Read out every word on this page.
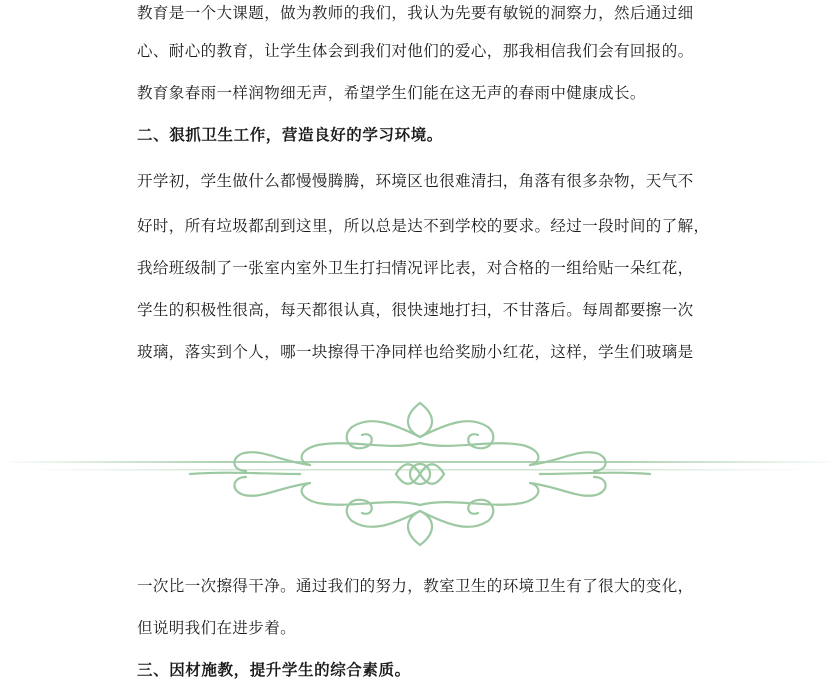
教育是一个大课题，做为教师的我们，我认为先要有敏锐的洞察力，然后通过细
心、耐心的教育，让学生体会到我们对他们的爱心，那我相信我们会有回报的。
教育象春雨一样润物细无声，希望学生们能在这无声的春雨中健康成长。
二、狠抓卫生工作，营造良好的学习环境。
开学初，学生做什么都慢慢腾腾，环境区也很难清扫，角落有很多杂物，天气不
好时，所有垃圾都刮到这里，所以总是达不到学校的要求。经过一段时间的了解，
我给班级制了一张室内室外卫生打扫情况评比表，对合格的一组给贴一朵红花，
学生的积极性很高，每天都很认真，很快速地打扫，不甘落后。每周都要擦一次
玻璃，落实到个人，哪一块擦得干净同样也给奖励小红花，这样，学生们玻璃是
一次比一次擦得干净。通过我们的努力，教室卫生的环境卫生有了很大的变化，
但说明我们在进步着。
三、因材施教，提升学生的综合素质。
